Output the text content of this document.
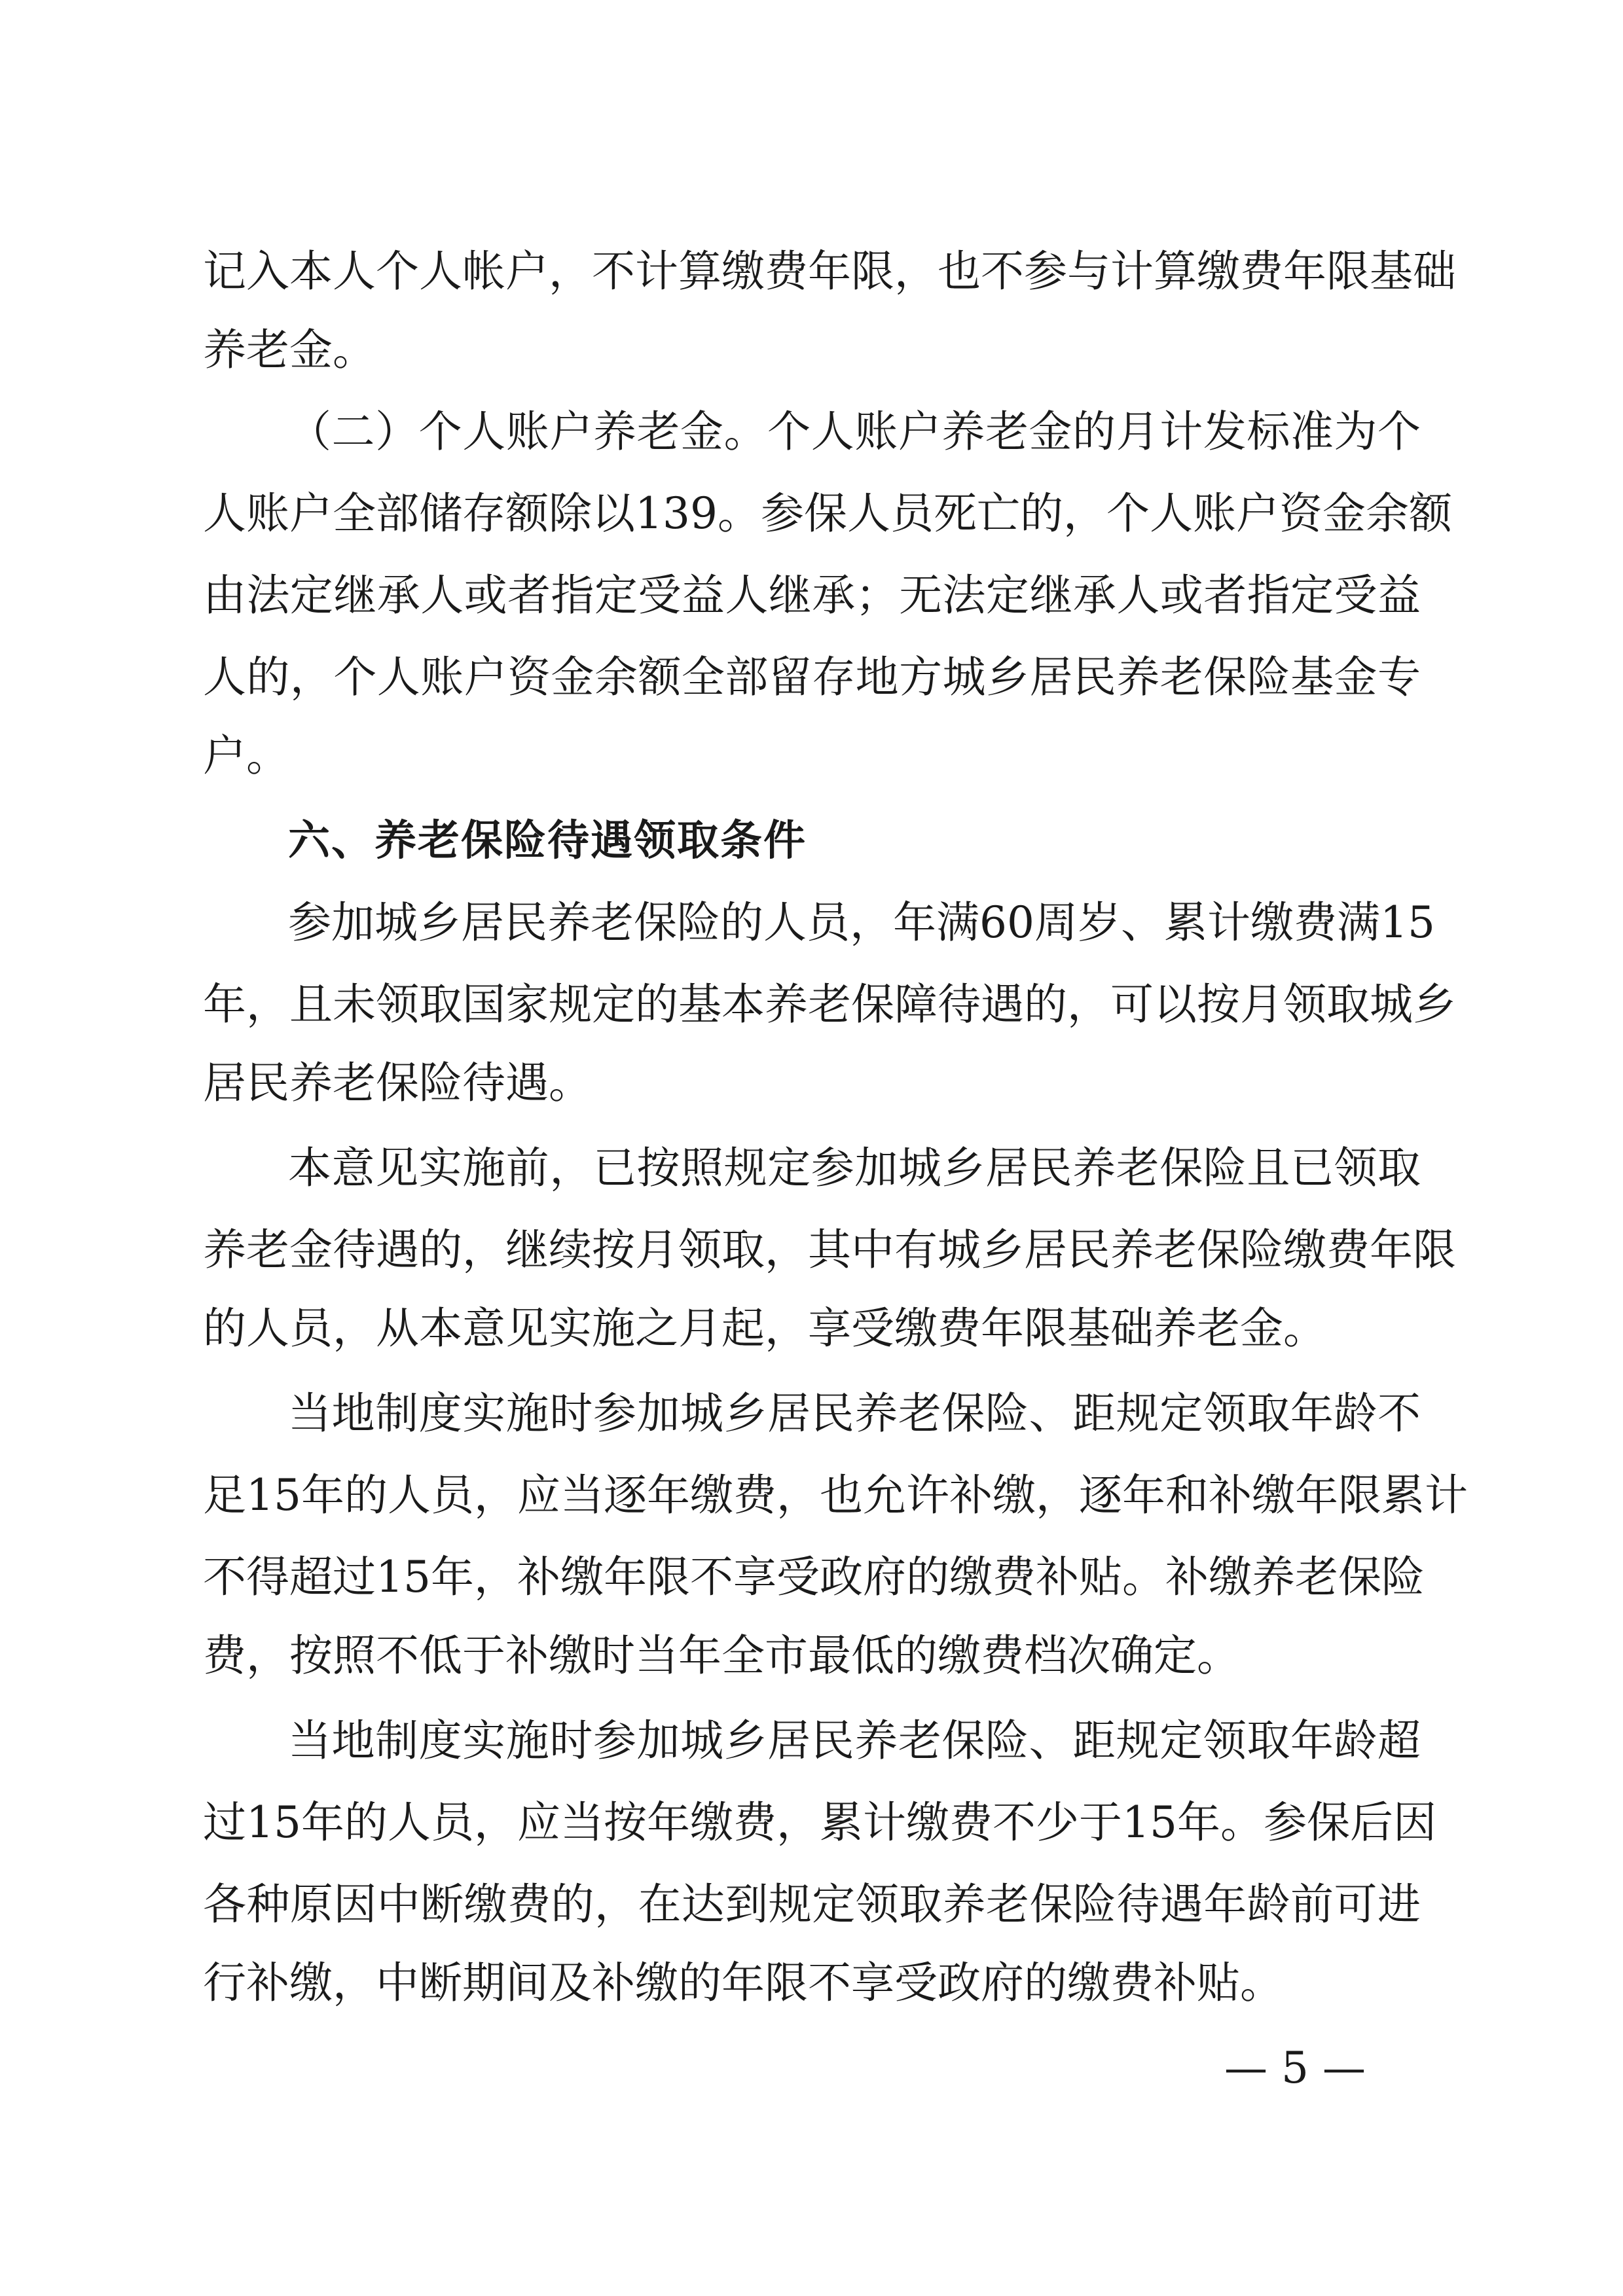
记入本人个人帐户，不计算缴费年限，也不参与计算缴费年限基础
养老金。
（二）个人账户养老金。个人账户养老金的月计发标准为个
人账户全部储存额除以139。参保人员死亡的，个人账户资金余额
由法定继承人或者指定受益人继承；无法定继承人或者指定受益
人的，个人账户资金余额全部留存地方城乡居民养老保险基金专
户。
六、养老保险待遇领取条件
参加城乡居民养老保险的人员，年满60周岁、累计缴费满15
年，且未领取国家规定的基本养老保障待遇的，可以按月领取城乡
居民养老保险待遇。
本意见实施前，已按照规定参加城乡居民养老保险且已领取
养老金待遇的，继续按月领取，其中有城乡居民养老保险缴费年限
的人员，从本意见实施之月起，享受缴费年限基础养老金。
当地制度实施时参加城乡居民养老保险、距规定领取年龄不
足15年的人员，应当逐年缴费，也允许补缴，逐年和补缴年限累计
不得超过15年，补缴年限不享受政府的缴费补贴。补缴养老保险
费，按照不低于补缴时当年全市最低的缴费档次确定。
当地制度实施时参加城乡居民养老保险、距规定领取年龄超
过15年的人员，应当按年缴费，累计缴费不少于15年。参保后因
各种原因中断缴费的，在达到规定领取养老保险待遇年龄前可进
行补缴，中断期间及补缴的年限不享受政府的缴费补贴。
— 5 —
